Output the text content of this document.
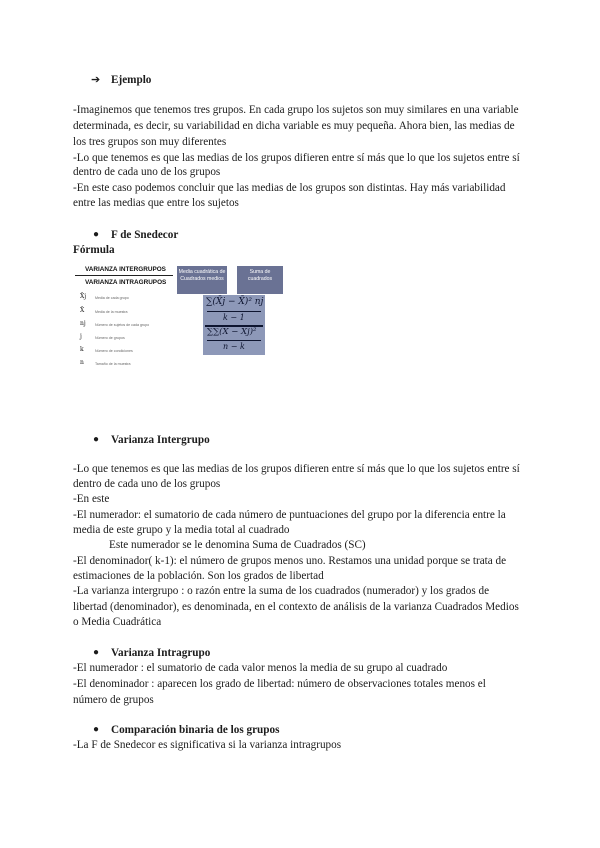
➔ Ejemplo
-Imaginemos que tenemos tres grupos. En cada grupo los sujetos son muy similares en una variable
determinada, es decir, su variabilidad en dicha variable es muy pequeña. Ahora bien, las medias de
los tres grupos son muy diferentes
-Lo que tenemos es que las medias de los grupos difieren entre sí más que lo que los sujetos entre sí
dentro de cada uno de los grupos
-En este caso podemos concluir que las medias de los grupos son distintas. Hay más variabilidad
entre las medias que entre los sujetos
● F de Snedecor
Fórmula
VARIANZA INTERGRUPOS
VARIANZA INTRAGRUPOS
X̄j Media de cada grupo
X̄	Media de la muestra
nj	Número de sujetos de cada grupo
j	Número de grupos
k	Número de condiciones
n	Tamaño de la muestra
Media cuadrática de Cuadrados medios
Suma de cuadrados
∑(X̄j − X̄)² nj
k − 1
∑∑(X − X̄j)²
n − k
● Varianza Intergrupo
-Lo que tenemos es que las medias de los grupos difieren entre sí más que lo que los sujetos entre sí
dentro de cada uno de los grupos
-En este
-El numerador: el sumatorio de cada número de puntuaciones del grupo por la diferencia entre la
media de este grupo y la media total al cuadrado
Este numerador se le denomina Suma de Cuadrados (SC)
-El denominador( k-1): el número de grupos menos uno. Restamos una unidad porque se trata de
estimaciones de la población. Son los grados de libertad
-La varianza intergrupo : o razón entre la suma de los cuadrados (numerador) y los grados de
libertad (denominador), es denominada, en el contexto de análisis de la varianza Cuadrados Medios
o Media Cuadrática
● Varianza Intragrupo
-El numerador : el sumatorio de cada valor menos la media de su grupo al cuadrado
-El denominador : aparecen los grado de libertad: número de observaciones totales menos el
número de grupos
● Comparación binaria de los grupos
-La F de Snedecor es significativa si la varianza intragrupos
